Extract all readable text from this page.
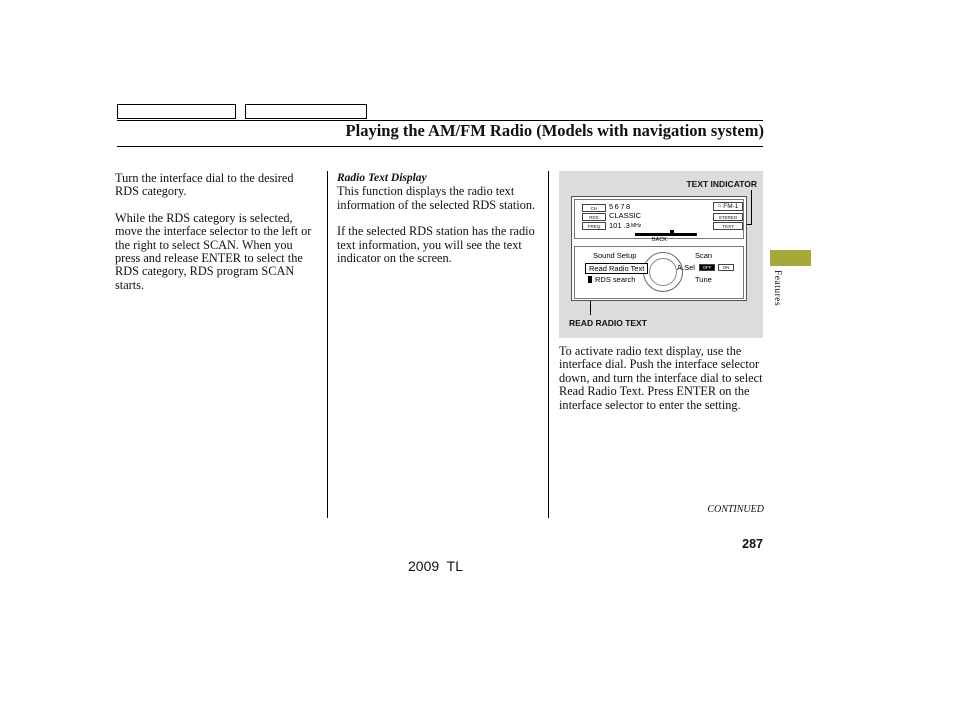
Playing the AM/FM Radio (Models with navigation system)

Turn the interface dial to the desired RDS category.

While the RDS category is selected, move the interface selector to the left or the right to select SCAN. When you press and release ENTER to select the RDS category, RDS program SCAN starts.

Radio Text Display

This function displays the radio text information of the selected RDS station.

If the selected RDS station has the radio text information, you will see the text indicator on the screen.

TEXT INDICATOR
READ RADIO TEXT
CH
RDS
FREQ
5678
CLASSIC
101 .3 MHz
⌂ FM-1
STEREO
TEXT
BACK
Sound Setup
Read Radio Text
RDS search
Scan
A.Sel	OFF	ON
Tune

To activate radio text display, use the interface dial. Push the interface selector down, and turn the interface dial to select Read Radio Text. Press ENTER on the interface selector to enter the setting.

CONTINUED
287
2009  TL
Features
